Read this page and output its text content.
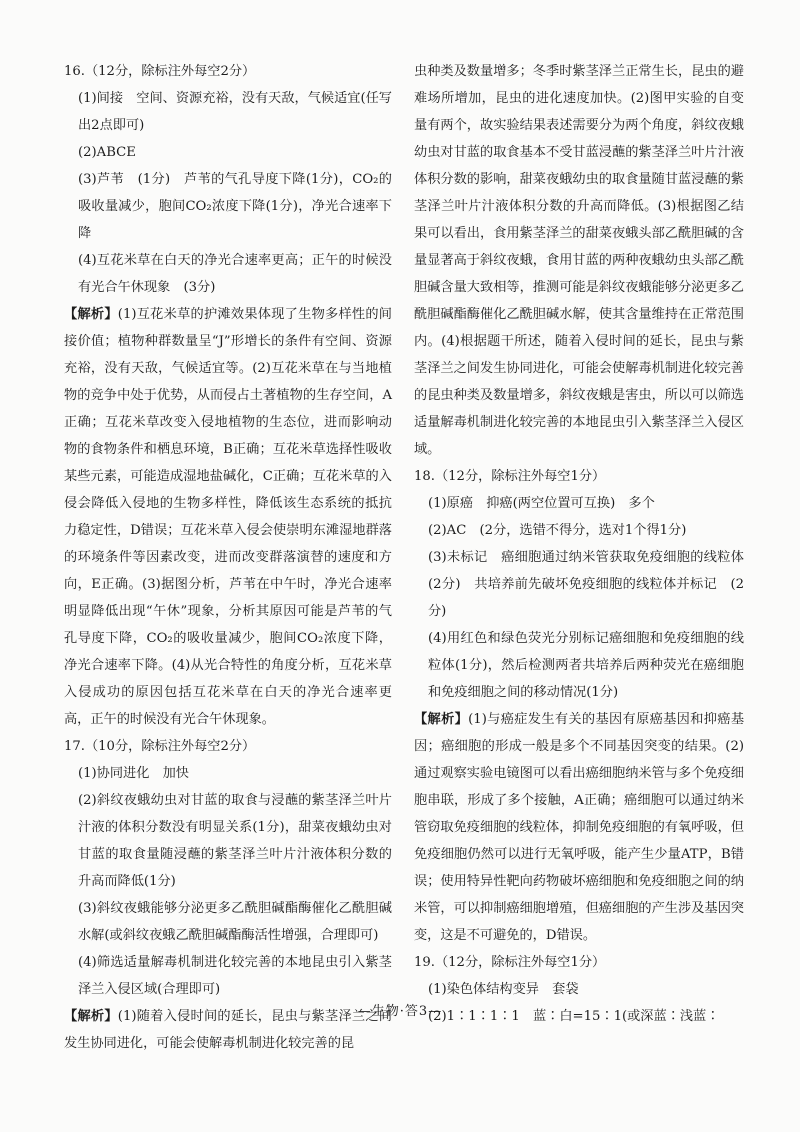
16.（12分，除标注外每空2分）

(1)间接　空间、资源充裕，没有天敌，气候适宜(任写出2点即可)

(2)ABCE

(3)芦苇　(1分)　芦苇的气孔导度下降(1分)，CO₂的吸收量减少，胞间CO₂浓度下降(1分)，净光合速率下降

(4)互花米草在白天的净光合速率更高；正午的时候没有光合午休现象　(3分)

【解析】(1)互花米草的护滩效果体现了生物多样性的间接价值；植物种群数量呈“J”形增长的条件有空间、资源充裕，没有天敌，气候适宜等。(2)互花米草在与当地植物的竞争中处于优势，从而侵占土著植物的生存空间，A正确；互花米草改变入侵地植物的生态位，进而影响动物的食物条件和栖息环境，B正确；互花米草选择性吸收某些元素，可能造成湿地盐碱化，C正确；互花米草的入侵会降低入侵地的生物多样性，降低该生态系统的抵抗力稳定性，D错误；互花米草入侵会使崇明东滩湿地群落的环境条件等因素改变，进而改变群落演替的速度和方向，E正确。(3)据图分析，芦苇在中午时，净光合速率明显降低出现“午休”现象，分析其原因可能是芦苇的气孔导度下降，CO₂的吸收量减少，胞间CO₂浓度下降，净光合速率下降。(4)从光合特性的角度分析，互花米草入侵成功的原因包括互花米草在白天的净光合速率更高，正午的时候没有光合午休现象。

17.（10分，除标注外每空2分）

(1)协同进化　加快

(2)斜纹夜蛾幼虫对甘蓝的取食与浸蘸的紫茎泽兰叶片汁液的体积分数没有明显关系(1分)，甜菜夜蛾幼虫对甘蓝的取食量随浸蘸的紫茎泽兰叶片汁液体积分数的升高而降低(1分)

(3)斜纹夜蛾能够分泌更多乙酰胆碱酯酶催化乙酰胆碱水解(或斜纹夜蛾乙酰胆碱酯酶活性增强，合理即可)

(4)筛选适量解毒机制进化较完善的本地昆虫引入紫茎泽兰入侵区域(合理即可)

【解析】(1)随着入侵时间的延长，昆虫与紫茎泽兰之间发生协同进化，可能会使解毒机制进化较完善的昆

虫种类及数量增多；冬季时紫茎泽兰正常生长，昆虫的避难场所增加，昆虫的进化速度加快。(2)图甲实验的自变量有两个，故实验结果表述需要分为两个角度，斜纹夜蛾幼虫对甘蓝的取食基本不受甘蓝浸蘸的紫茎泽兰叶片汁液体积分数的影响，甜菜夜蛾幼虫的取食量随甘蓝浸蘸的紫茎泽兰叶片汁液体积分数的升高而降低。(3)根据图乙结果可以看出，食用紫茎泽兰的甜菜夜蛾头部乙酰胆碱的含量显著高于斜纹夜蛾，食用甘蓝的两种夜蛾幼虫头部乙酰胆碱含量大致相等，推测可能是斜纹夜蛾能够分泌更多乙酰胆碱酯酶催化乙酰胆碱水解，使其含量维持在正常范围内。(4)根据题干所述，随着入侵时间的延长，昆虫与紫茎泽兰之间发生协同进化，可能会使解毒机制进化较完善的昆虫种类及数量增多，斜纹夜蛾是害虫，所以可以筛选适量解毒机制进化较完善的本地昆虫引入紫茎泽兰入侵区域。

18.（12分，除标注外每空1分）

(1)原癌　抑癌(两空位置可互换)　多个

(2)AC　(2分，选错不得分，选对1个得1分)

(3)未标记　癌细胞通过纳米管获取免疫细胞的线粒体　(2分)　共培养前先破坏免疫细胞的线粒体并标记　(2分)

(4)用红色和绿色荧光分别标记癌细胞和免疫细胞的线粒体(1分)，然后检测两者共培养后两种荧光在癌细胞和免疫细胞之间的移动情况(1分)

【解析】(1)与癌症发生有关的基因有原癌基因和抑癌基因；癌细胞的形成一般是多个不同基因突变的结果。(2)通过观察实验电镜图可以看出癌细胞纳米管与多个免疫细胞串联，形成了多个接触，A正确；癌细胞可以通过纳米管窃取免疫细胞的线粒体，抑制免疫细胞的有氧呼吸，但免疫细胞仍然可以进行无氧呼吸，能产生少量ATP，B错误；使用特异性靶向药物破坏癌细胞和免疫细胞之间的纳米管，可以抑制癌细胞增殖，但癌细胞的产生涉及基因突变，这是不可避免的，D错误。

19.（12分，除标注外每空1分）

(1)染色体结构变异　套袋

(2)1∶1∶1∶1　蓝∶白=15∶1(或深蓝∶浅蓝∶

—生物·答3—
